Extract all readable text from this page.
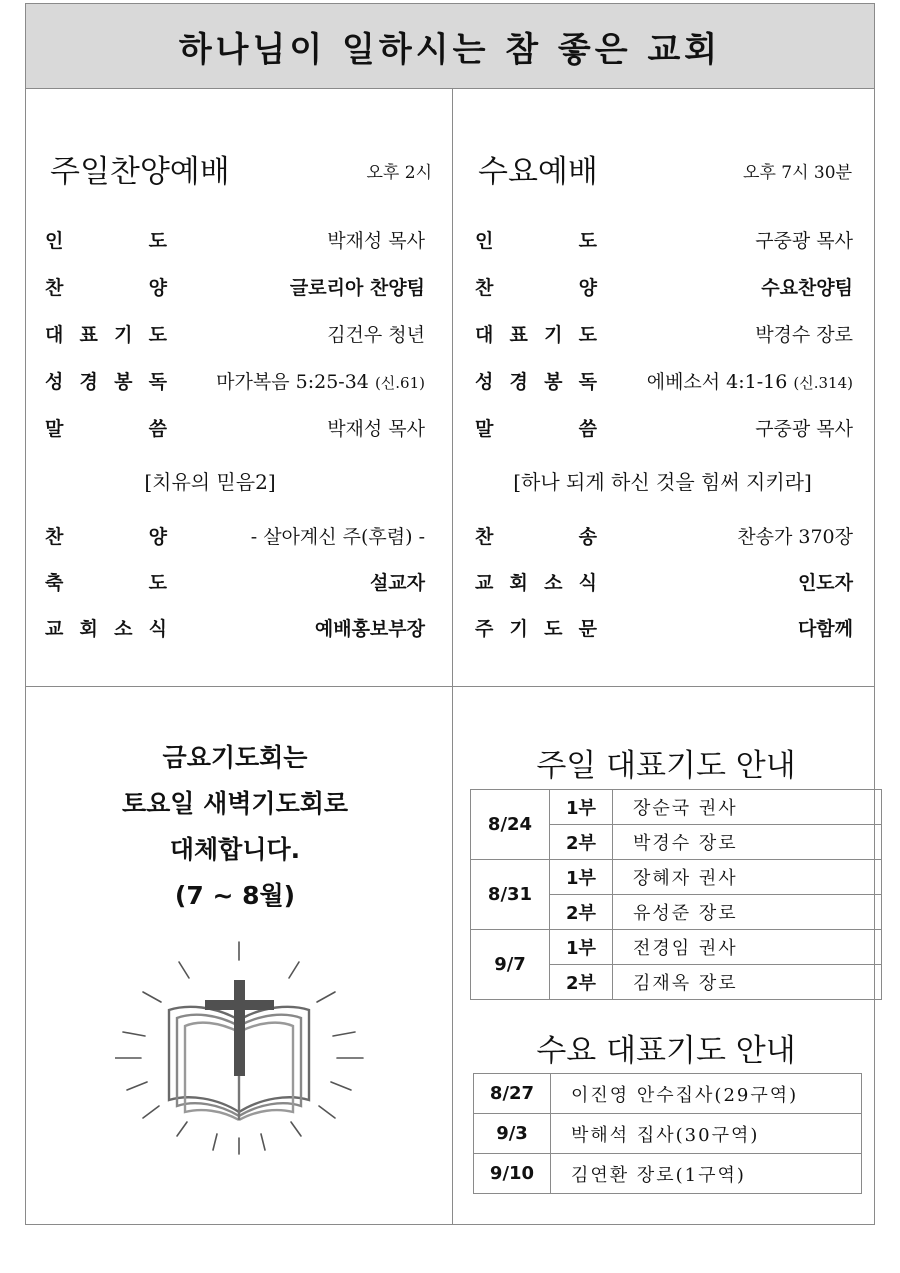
하나님이 일하시는 참 좋은 교회
주일찬양예배	오후 2시
인	도	박재성 목사
찬	양	글로리아 찬양팀
대 표 기 도	김건우 청년
성 경 봉 독	마가복음 5:25-34 (신.61)
말	씀	박재성 목사
[치유의 믿음2]
찬	양	- 살아계신 주(후렴) -
축	도	설교자
교 회 소 식	예배홍보부장
수요예배	오후 7시 30분
인	도	구중광 목사
찬	양	수요찬양팀
대 표 기 도	박경수 장로
성 경 봉 독	에베소서 4:1-16 (신.314)
말	씀	구중광 목사
[하나 되게 하신 것을 힘써 지키라]
찬	송	찬송가 370장
교 회 소 식	인도자
주 기 도 문	다함께
금요기도회는
토요일 새벽기도회로
대체합니다.
(7 ~ 8월)
주일 대표기도 안내
8/24	1부	장순국 권사
	2부	박경수 장로
8/31	1부	장혜자 권사
	2부	유성준 장로
9/7	1부	전경임 권사
	2부	김재옥 장로
수요 대표기도 안내
8/27	이진영 안수집사(29구역)
9/3	박해석 집사(30구역)
9/10	김연환 장로(1구역)
